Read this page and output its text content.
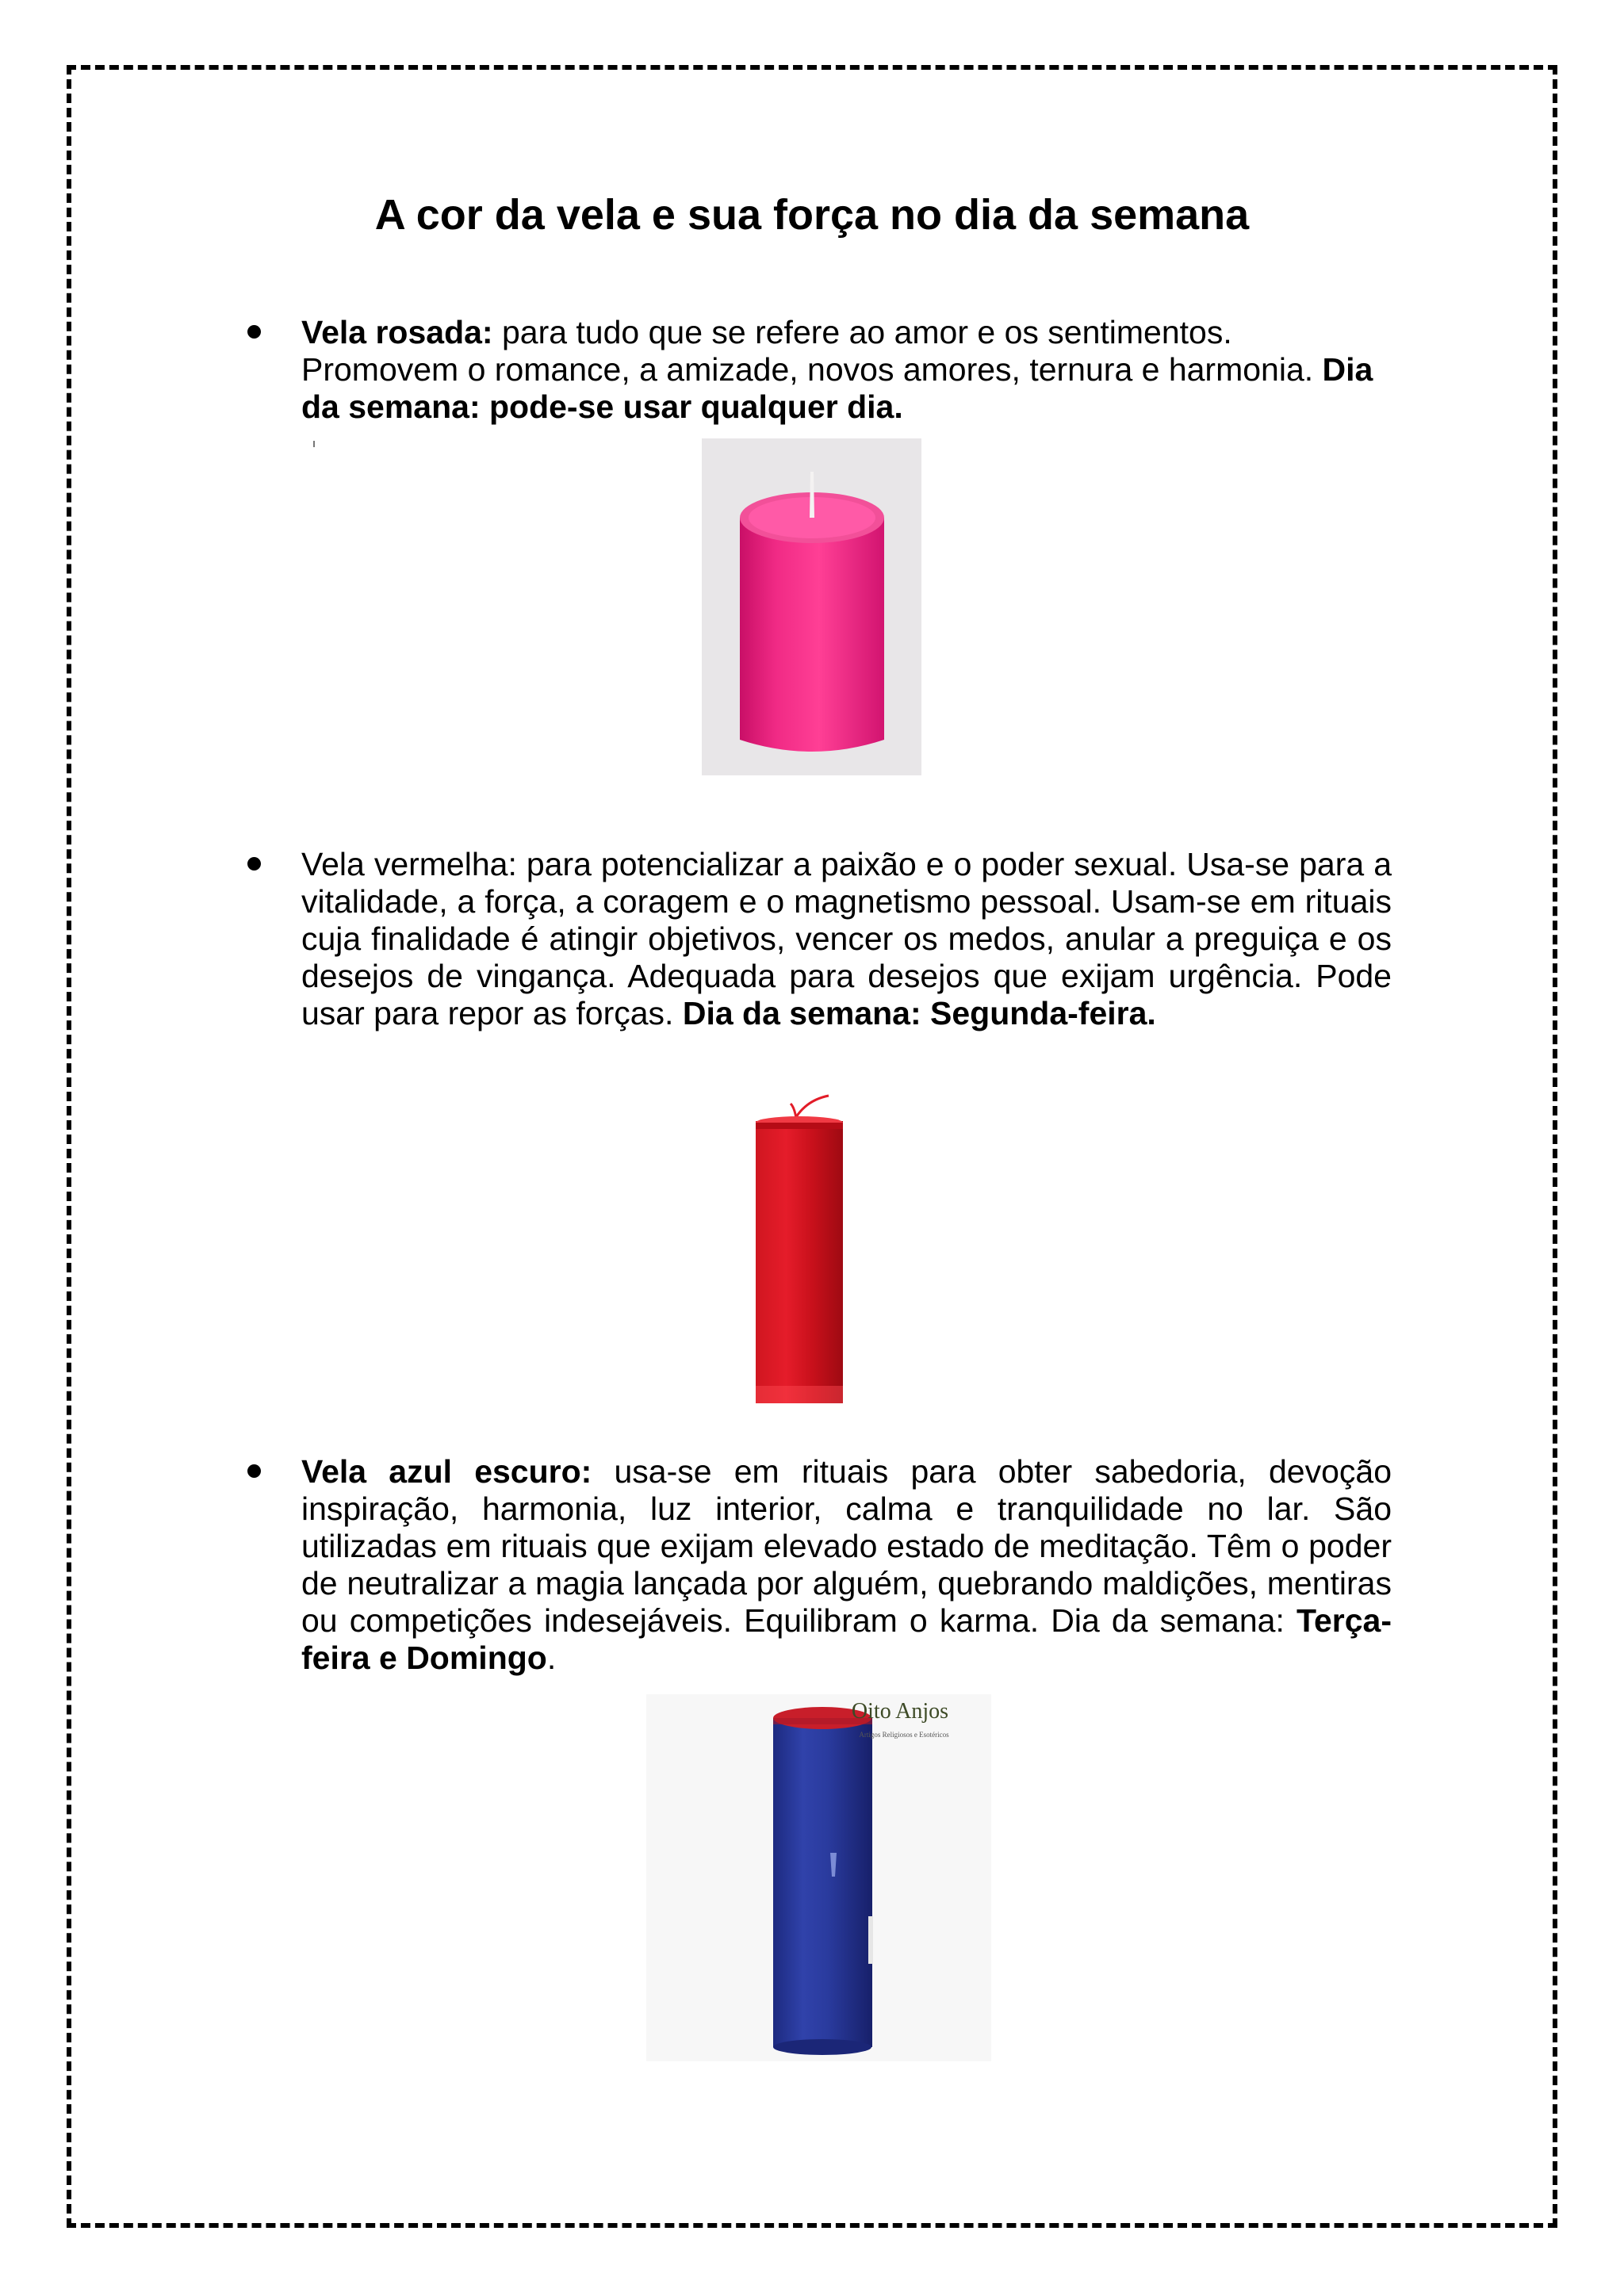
A cor da vela e sua força no dia da semana

Vela rosada: para tudo que se refere ao amor e os sentimentos. Promovem o romance, a amizade, novos amores, ternura e harmonia. Dia da semana: pode-se usar qualquer dia.

Vela vermelha: para potencializar a paixão e o poder sexual. Usa-se para a vitalidade, a força, a coragem e o magnetismo pessoal. Usam-se em rituais cuja finalidade é atingir objetivos, vencer os medos, anular a preguiça e os desejos de vingança. Adequada para desejos que exijam urgência. Pode usar para repor as forças. Dia da semana: Segunda-feira.

Vela azul escuro: usa-se em rituais para obter sabedoria, devoção inspiração, harmonia, luz interior, calma e tranquilidade no lar. São utilizadas em rituais que exijam elevado estado de meditação. Têm o poder de neutralizar a magia lançada por alguém, quebrando maldições, mentiras ou competições indesejáveis. Equilibram o karma. Dia da semana: Terça-feira e Domingo.

Oito Anjos
Artigos Religiosos e Esotéricos
